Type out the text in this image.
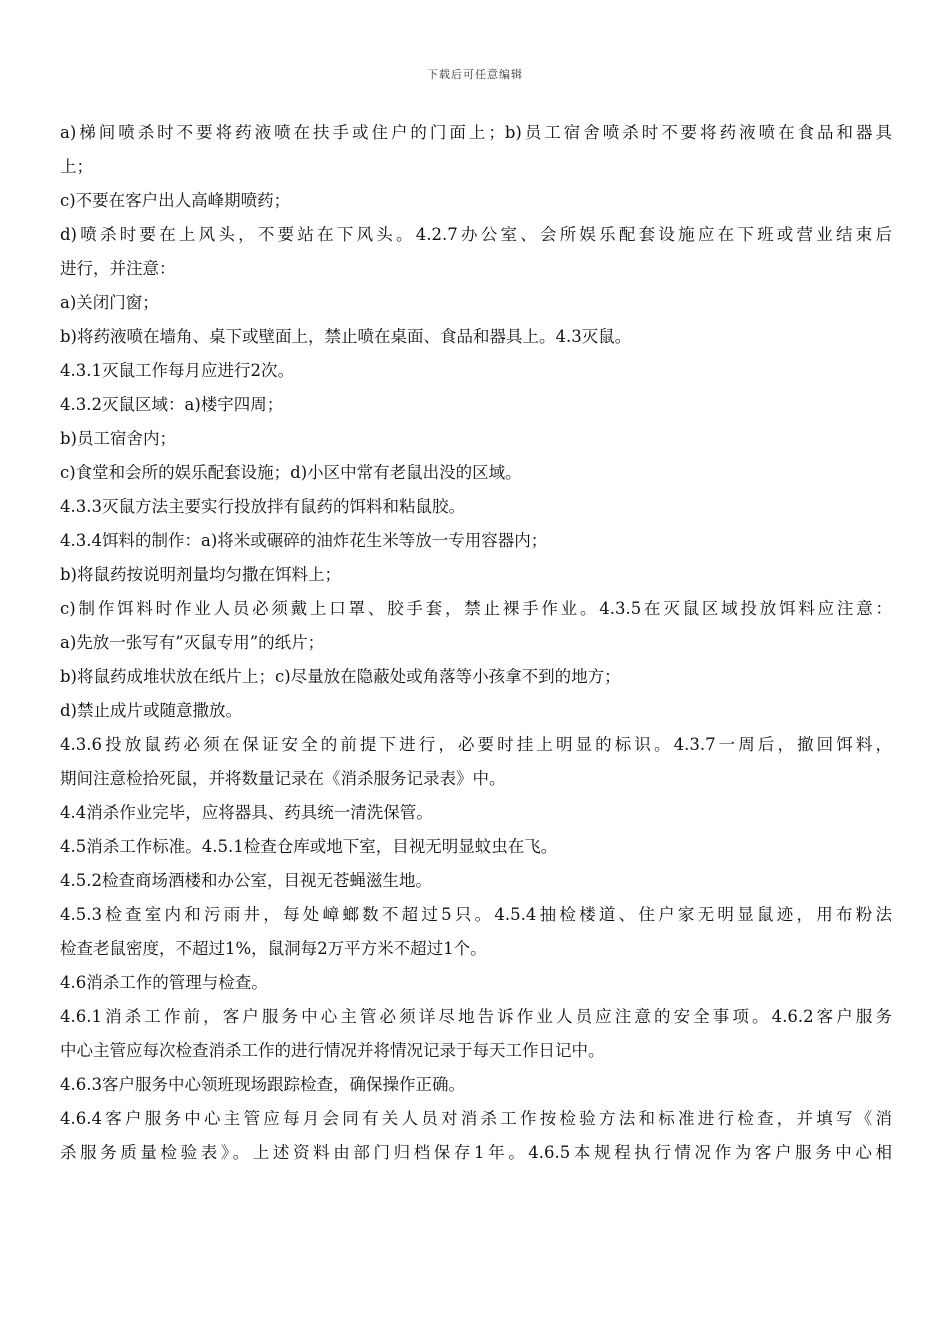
下载后可任意编辑
a)梯间喷杀时不要将药液喷在扶手或住户的门面上；b)员工宿舍喷杀时不要将药液喷在食品和器具
上；
c)不要在客户出人高峰期喷药；
d)喷杀时要在上风头，不要站在下风头。4.2.7办公室、会所娱乐配套设施应在下班或营业结束后
进行，并注意：
a)关闭门窗；
b)将药液喷在墙角、桌下或壁面上，禁止喷在桌面、食品和器具上。4.3灭鼠。
4.3.1灭鼠工作每月应进行2次。
4.3.2灭鼠区域：a)楼宇四周；
b)员工宿舍内；
c)食堂和会所的娱乐配套设施；d)小区中常有老鼠出没的区域。
4.3.3灭鼠方法主要实行投放拌有鼠药的饵料和粘鼠胶。
4.3.4饵料的制作：a)将米或碾碎的油炸花生米等放一专用容器内；
b)将鼠药按说明剂量均匀撒在饵料上；
c)制作饵料时作业人员必须戴上口罩、胶手套，禁止裸手作业。4.3.5在灭鼠区域投放饵料应注意：
a)先放一张写有”灭鼠专用”的纸片；
b)将鼠药成堆状放在纸片上；c)尽量放在隐蔽处或角落等小孩拿不到的地方；
d)禁止成片或随意撒放。
4.3.6投放鼠药必须在保证安全的前提下进行，必要时挂上明显的标识。4.3.7一周后，撤回饵料，
期间注意检拾死鼠，并将数量记录在《消杀服务记录表》中。
4.4消杀作业完毕，应将器具、药具统一清洗保管。
4.5消杀工作标准。4.5.1检查仓库或地下室，目视无明显蚊虫在飞。
4.5.2检查商场酒楼和办公室，目视无苍蝇滋生地。
4.5.3检查室内和污雨井，每处嶂螂数不超过5只。4.5.4抽检楼道、住户家无明显鼠迹，用布粉法
检查老鼠密度，不超过1%，鼠洞每2万平方米不超过1个。
4.6消杀工作的管理与检查。
4.6.1消杀工作前，客户服务中心主管必须详尽地告诉作业人员应注意的安全事项。4.6.2客户服务
中心主管应每次检查消杀工作的进行情况并将情况记录于每天工作日记中。
4.6.3客户服务中心领班现场跟踪检查，确保操作正确。
4.6.4客户服务中心主管应每月会同有关人员对消杀工作按检验方法和标准进行检查，并填写《消
杀服务质量检验表》。上述资料由部门归档保存1年。4.6.5本规程执行情况作为客户服务中心相
